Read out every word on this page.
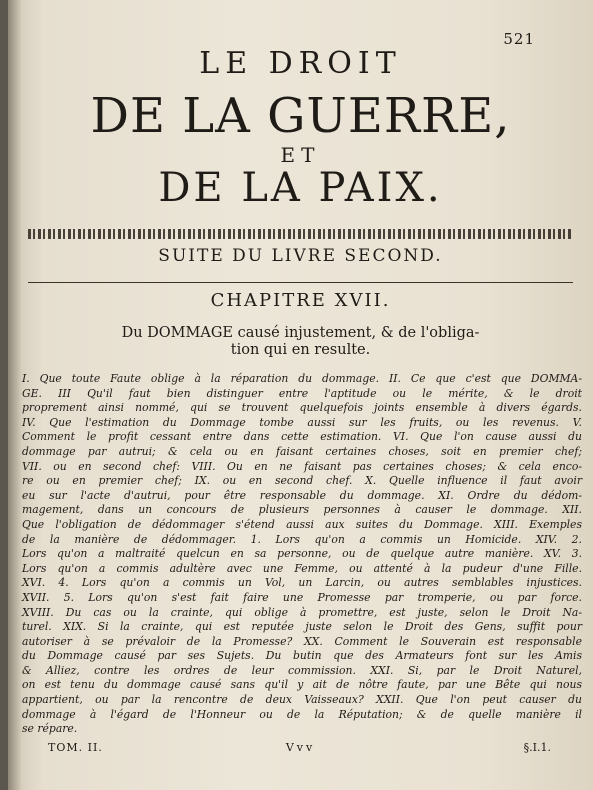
521
LE DROIT
DE LA GUERRE,
ET
DE LA PAIX.
SUITE DU LIVRE SECOND.
CHAPITRE XVII.
Du DOMMAGE causé injustement, & de l'obliga-
tion qui en resulte.
I. Que toute Faute oblige à la réparation du dommage. II. Ce que c'est que DOMMA-
GE. III Qu'il faut bien distinguer entre l'aptitude ou le mérite, & le droit
proprement ainsi nommé, qui se trouvent quelquefois joints ensemble à divers égards.
IV. Que l'estimation du Dommage tombe aussi sur les fruits, ou les revenus. V.
Comment le profit cessant entre dans cette estimation. VI. Que l'on cause aussi du
dommage par autrui; & cela ou en faisant certaines choses, soit en premier chef;
VII. ou en second chef: VIII. Ou en ne faisant pas certaines choses; & cela enco-
re ou en premier chef; IX. ou en second chef. X. Quelle influence il faut avoir
eu sur l'acte d'autrui, pour être responsable du dommage. XI. Ordre du dédom-
magement, dans un concours de plusieurs personnes à causer le dommage. XII.
Que l'obligation de dédommager s'étend aussi aux suites du Dommage. XIII. Exemples
de la manière de dédommager. 1. Lors qu'on a commis un Homicide. XIV. 2.
Lors qu'on a maltraité quelcun en sa personne, ou de quelque autre manière. XV. 3.
Lors qu'on a commis adultère avec une Femme, ou attenté à la pudeur d'une Fille.
XVI. 4. Lors qu'on a commis un Vol, un Larcin, ou autres semblables injustices.
XVII. 5. Lors qu'on s'est fait faire une Promesse par tromperie, ou par force.
XVIII. Du cas ou la crainte, qui oblige à promettre, est juste, selon le Droit Na-
turel. XIX. Si la crainte, qui est reputée juste selon le Droit des Gens, suffit pour
autoriser à se prévaloir de la Promesse? XX. Comment le Souverain est responsable
du Dommage causé par ses Sujets. Du butin que des Armateurs font sur les Amis
& Alliez, contre les ordres de leur commission. XXI. Si, par le Droit Naturel,
on est tenu du dommage causé sans qu'il y ait de nôtre faute, par une Bête qui nous
appartient, ou par la rencontre de deux Vaisseaux? XXII. Que l'on peut causer du
dommage à l'égard de l'Honneur ou de la Réputation; & de quelle manière il
se répare.
TOM. II.	Vvv	§.I.1.
